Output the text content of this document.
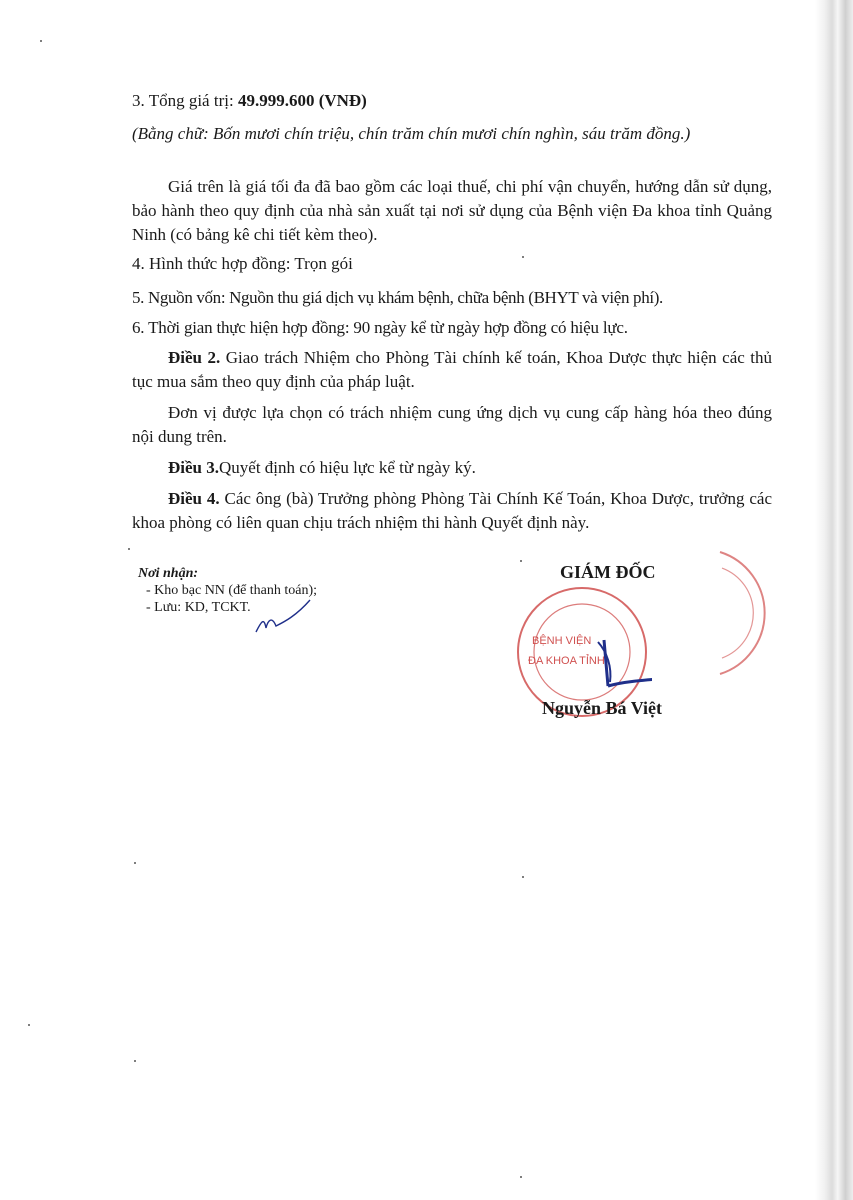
3. Tổng giá trị: 49.999.600 (VNĐ)
(Bằng chữ: Bốn mươi chín triệu, chín trăm chín mươi chín nghìn, sáu trăm đồng.)
Giá trên là giá tối đa đã bao gồm các loại thuế, chi phí vận chuyển, hướng dẫn sử dụng, bảo hành theo quy định của nhà sản xuất tại nơi sử dụng của Bệnh viện Đa khoa tỉnh Quảng Ninh (có bảng kê chi tiết kèm theo).
4. Hình thức hợp đồng: Trọn gói
5. Nguồn vốn: Nguồn thu giá dịch vụ khám bệnh, chữa bệnh (BHYT và viện phí).
6. Thời gian thực hiện hợp đồng: 90 ngày kể từ ngày hợp đồng có hiệu lực.
Điều 2. Giao trách Nhiệm cho Phòng Tài chính kế toán, Khoa Dược thực hiện các thủ tục mua sắm theo quy định của pháp luật.
Đơn vị được lựa chọn có trách nhiệm cung ứng dịch vụ cung cấp hàng hóa theo đúng nội dung trên.
Điều 3.Quyết định có hiệu lực kể từ ngày ký.
Điều 4. Các ông (bà) Trưởng phòng Phòng Tài Chính Kế Toán, Khoa Dược, trưởng các khoa phòng có liên quan chịu trách nhiệm thi hành Quyết định này.
Nơi nhận:
- Kho bạc NN (để thanh toán);
- Lưu: KD, TCKT.
BỆNH VIỆN
ĐA KHOA TỈNH
GIÁM ĐỐC
Nguyễn Bá Việt
